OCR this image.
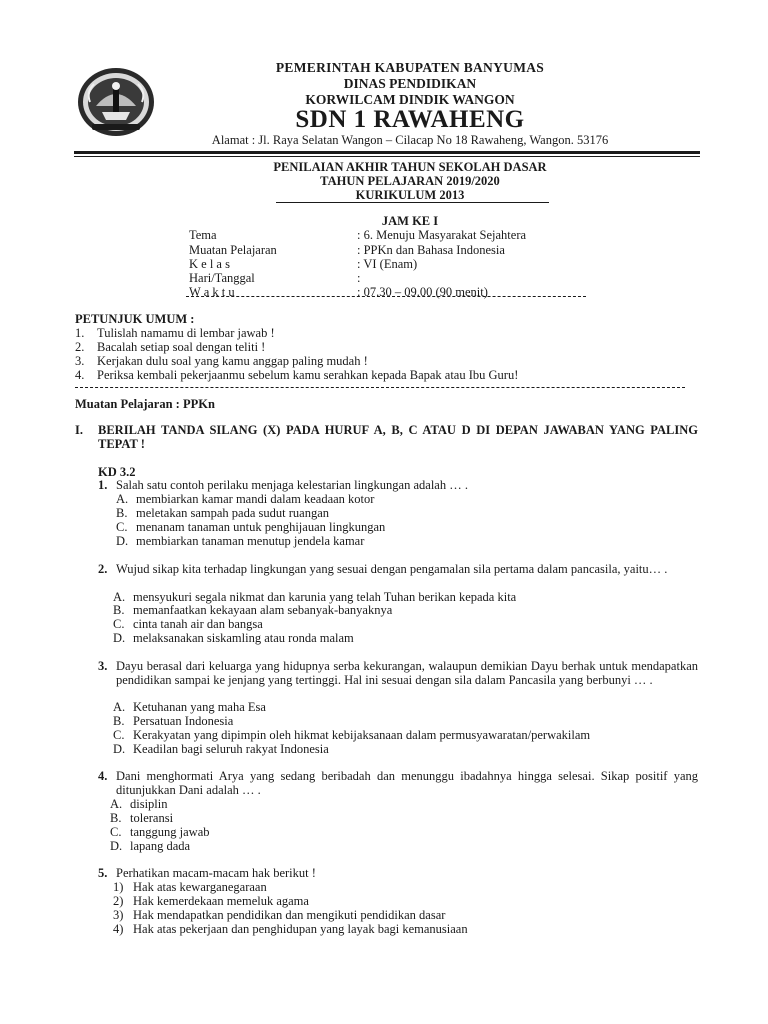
PEMERINTAH KABUPATEN BANYUMAS
DINAS PENDIDIKAN
KORWILCAM DINDIK WANGON
SDN 1 RAWAHENG
Alamat : Jl. Raya Selatan Wangon – Cilacap No 18 Rawaheng, Wangon. 53176
PENILAIAN AKHIR TAHUN SEKOLAH DASAR
TAHUN PELAJARAN 2019/2020
KURIKULUM 2013
JAM KE I
Tema	: 6. Menuju Masyarakat Sejahtera
Muatan Pelajaran	: PPKn dan Bahasa Indonesia
K e l a s	: VI (Enam)
Hari/Tanggal	:
W a k t u	: 07.30 – 09.00 (90 menit)
PETUNJUK UMUM :
1. Tulislah namamu di lembar jawab !
2. Bacalah setiap soal dengan teliti !
3. Kerjakan dulu soal yang kamu anggap paling mudah !
4. Periksa kembali pekerjaanmu sebelum kamu serahkan kepada Bapak atau Ibu Guru!
Muatan Pelajaran : PPKn
I. BERILAH TANDA SILANG (X) PADA HURUF A, B, C ATAU D DI DEPAN JAWABAN YANG PALING TEPAT !
KD 3.2
1. Salah satu contoh perilaku menjaga kelestarian lingkungan adalah … .
A. membiarkan kamar mandi dalam keadaan kotor
B. meletakan sampah pada sudut ruangan
C. menanam tanaman untuk penghijauan lingkungan
D. membiarkan tanaman menutup jendela kamar
2. Wujud sikap kita terhadap lingkungan yang sesuai dengan pengamalan sila pertama dalam pancasila, yaitu… .
A. mensyukuri segala nikmat dan karunia yang telah Tuhan berikan kepada kita
B. memanfaatkan kekayaan alam sebanyak-banyaknya
C. cinta tanah air dan bangsa
D. melaksanakan siskamling atau ronda malam
3. Dayu berasal dari keluarga yang hidupnya serba kekurangan, walaupun demikian Dayu berhak untuk mendapatkan pendidikan sampai ke jenjang yang tertinggi. Hal ini sesuai dengan sila dalam Pancasila yang berbunyi … .
A. Ketuhanan yang maha Esa
B. Persatuan Indonesia
C. Kerakyatan yang dipimpin oleh hikmat kebijaksanaan dalam permusyawaratan/perwakilam
D. Keadilan bagi seluruh rakyat Indonesia
4. Dani menghormati Arya yang sedang beribadah dan menunggu ibadahnya hingga selesai. Sikap positif yang ditunjukkan Dani adalah … .
A. disiplin
B. toleransi
C. tanggung jawab
D. lapang dada
5. Perhatikan macam-macam hak berikut !
1) Hak atas kewarganegaraan
2) Hak kemerdekaan memeluk agama
3) Hak mendapatkan pendidikan dan mengikuti pendidikan dasar
4) Hak atas pekerjaan dan penghidupan yang layak bagi kemanusiaan
